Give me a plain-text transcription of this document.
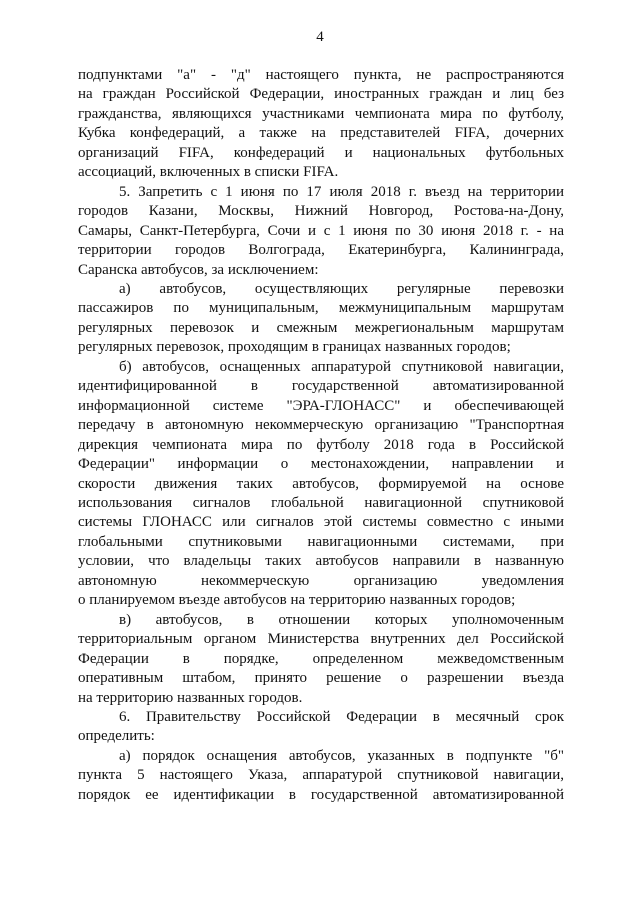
4
подпунктами "а" - "д" настоящего пункта, не распространяются
на граждан Российской Федерации, иностранных граждан и лиц без
гражданства, являющихся участниками чемпионата мира по футболу,
Кубка конфедераций, а также на представителей FIFA, дочерних
организаций FIFA, конфедераций и национальных футбольных
ассоциаций, включенных в списки FIFA.
5. Запретить с 1 июня по 17 июля 2018 г. въезд на территории
городов Казани, Москвы, Нижний Новгород, Ростова-на-Дону,
Самары, Санкт-Петербурга, Сочи и с 1 июня по 30 июня 2018 г. - на
территории городов Волгограда, Екатеринбурга, Калининграда,
Саранска автобусов, за исключением:
а) автобусов, осуществляющих регулярные перевозки
пассажиров по муниципальным, межмуниципальным маршрутам
регулярных перевозок и смежным межрегиональным маршрутам
регулярных перевозок, проходящим в границах названных городов;
б) автобусов, оснащенных аппаратурой спутниковой навигации,
идентифицированной в государственной автоматизированной
информационной системе "ЭРА-ГЛОНАСС" и обеспечивающей
передачу в автономную некоммерческую организацию "Транспортная
дирекция чемпионата мира по футболу 2018 года в Российской
Федерации" информации о местонахождении, направлении и
скорости движения таких автобусов, формируемой на основе
использования сигналов глобальной навигационной спутниковой
системы ГЛОНАСС или сигналов этой системы совместно с иными
глобальными спутниковыми навигационными системами, при
условии, что владельцы таких автобусов направили в названную
автономную некоммерческую организацию уведомления
о планируемом въезде автобусов на территорию названных городов;
в) автобусов, в отношении которых уполномоченным
территориальным органом Министерства внутренних дел Российской
Федерации в порядке, определенном межведомственным
оперативным штабом, принято решение о разрешении въезда
на территорию названных городов.
6. Правительству Российской Федерации в месячный срок
определить:
а) порядок оснащения автобусов, указанных в подпункте "б"
пункта 5 настоящего Указа, аппаратурой спутниковой навигации,
порядок ее идентификации в государственной автоматизированной
